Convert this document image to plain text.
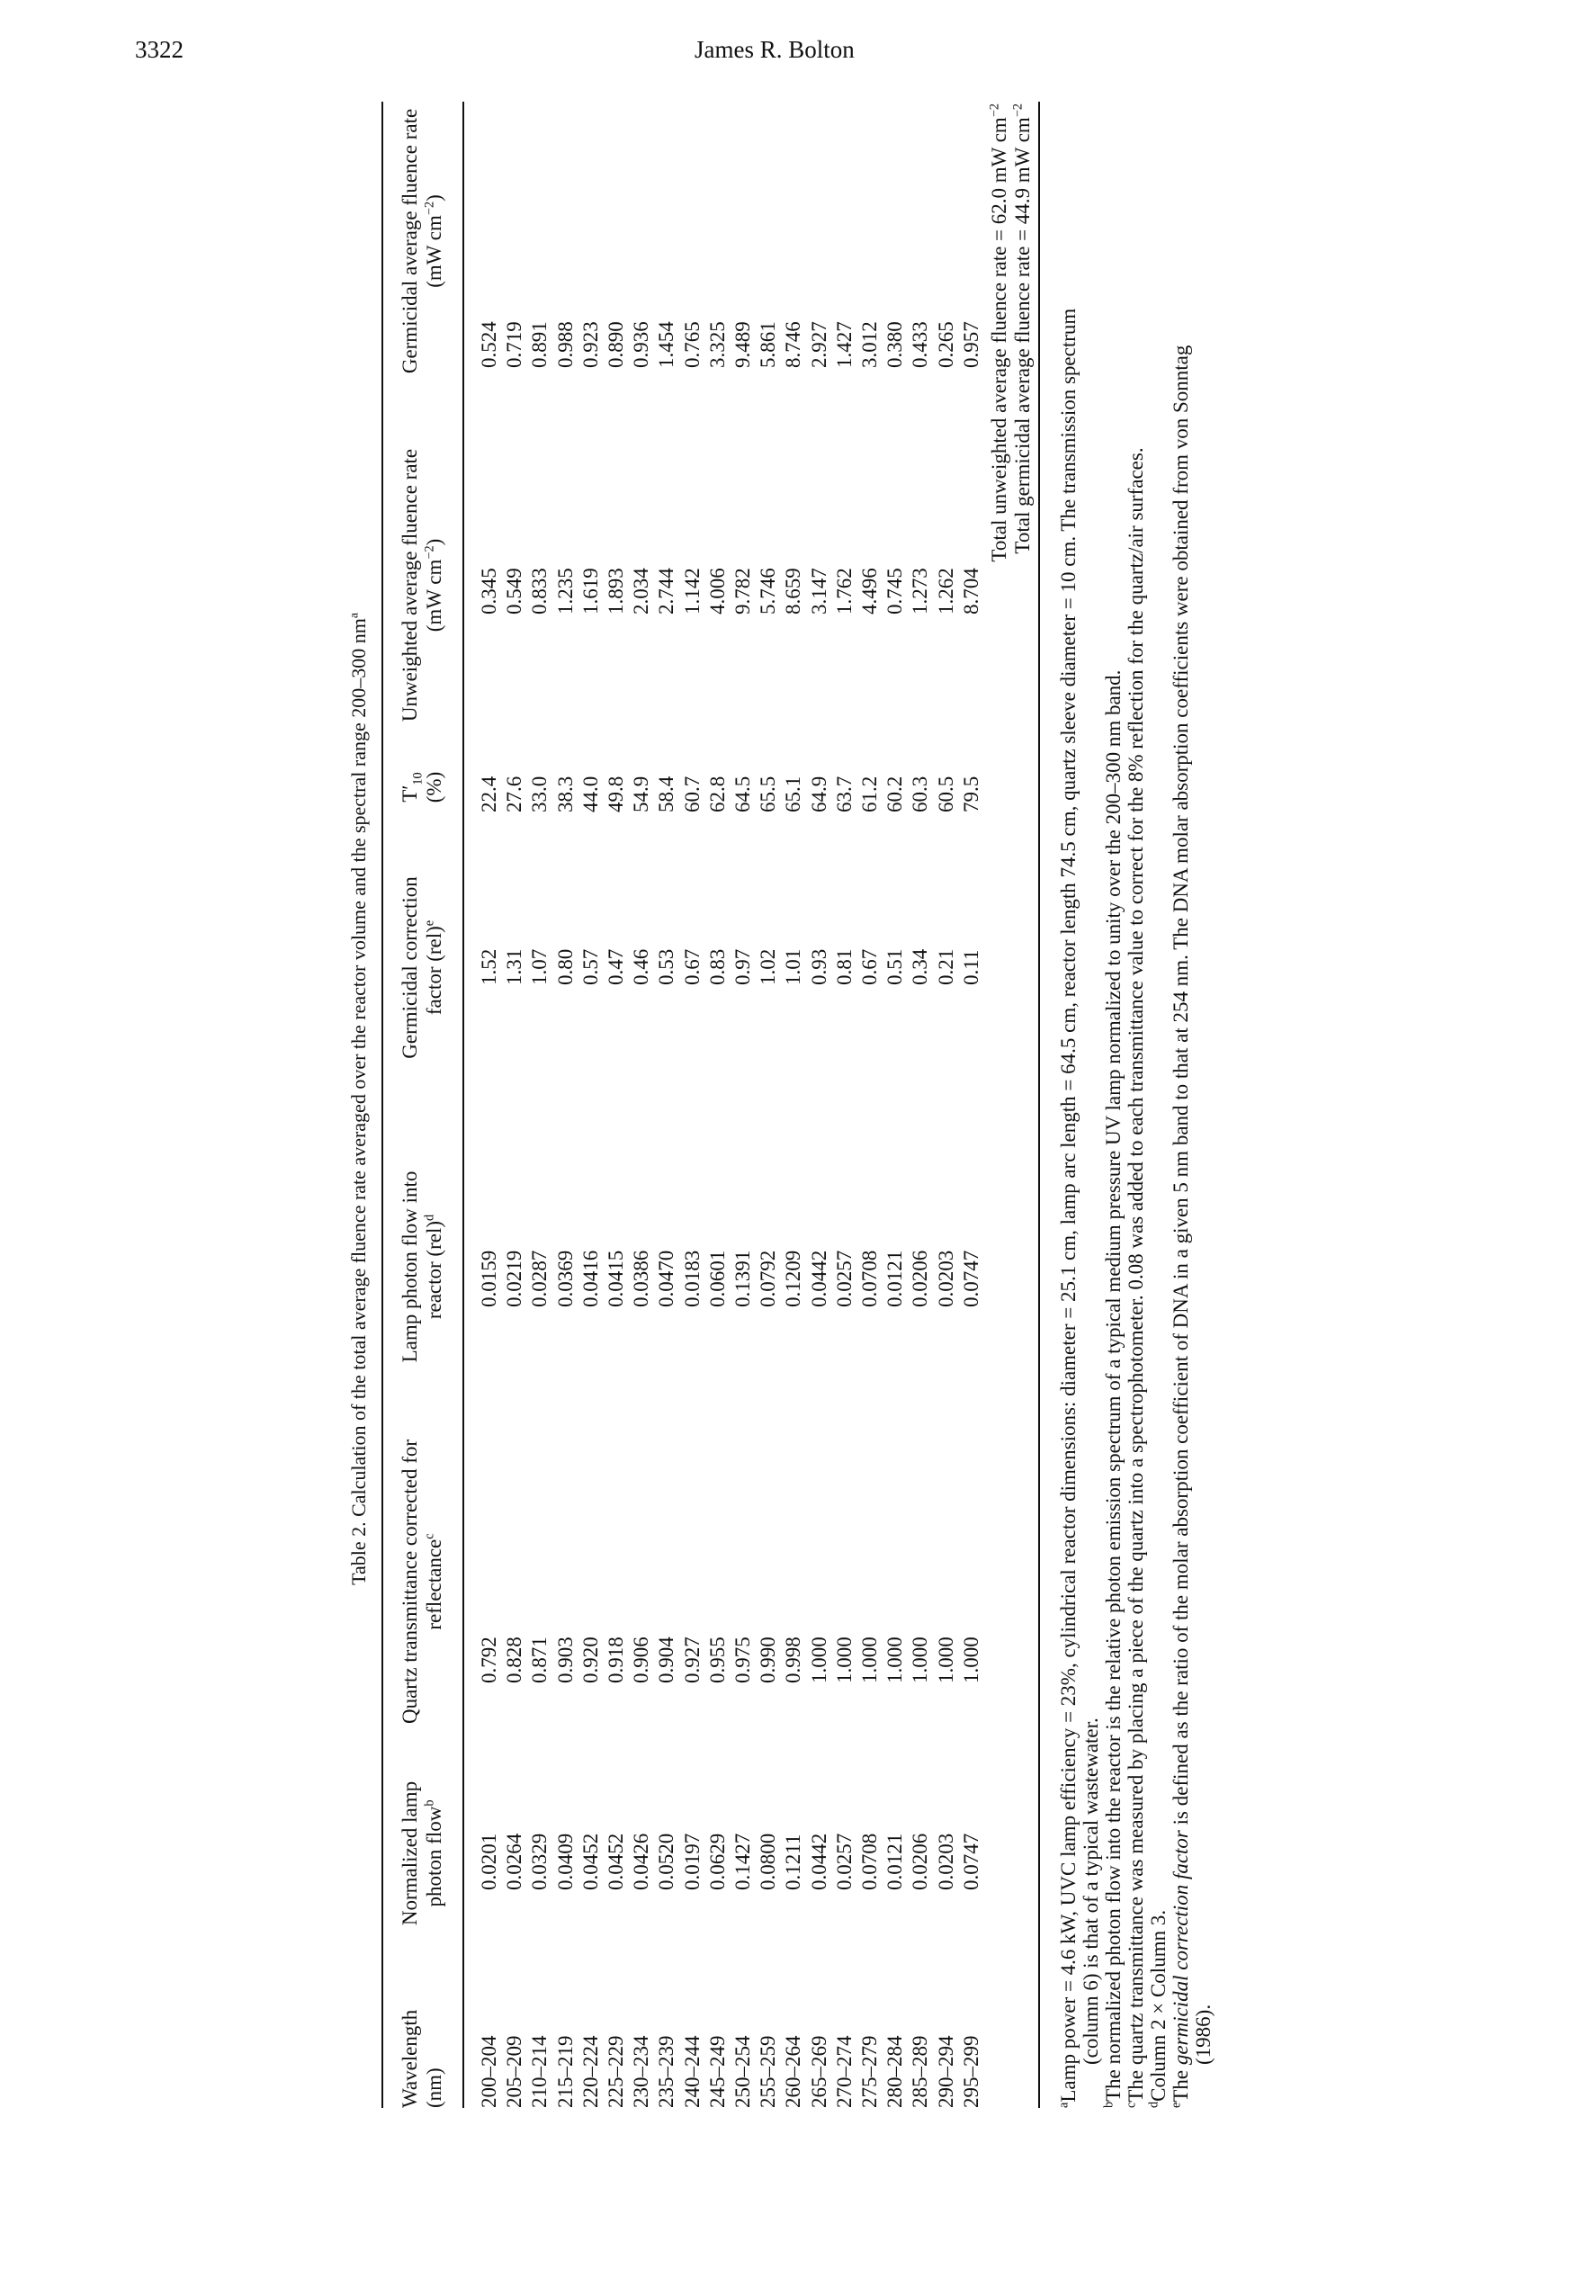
3322	James R. Bolton
Table 2. Calculation of the total average fluence rate averaged over the reactor volume and the spectral range 200–300 $nm^a$
Wavelength (nm) 200–204 205–209 210–214 215–219 220–224 225–229 230–234 235–239 240–244 245–249 250–254 255–259 260–264 265–269 270–274 275–279 280–284 285–289 290–294 295–299
Normalized lamp photon flow$^b$
0.0201 0.0264 0.0329 0.0409 0.0452 0.0452 0.0426 0.0520 0.0197 0.0629 0.1427 0.0800 0.1211 0.0442 0.0257 0.0708 0.0121 0.0206 0.0203 0.0747
Quartz transmittance corrected for reflectance$^c$
0.792 0.828 0.871 0.903 0.920 0.918 0.906 0.904 0.927 0.955 0.975 0.990 0.998 1.000 1.000 1.000 1.000 1.000 1.000 1.000
Lamp photon flow into reactor (rel)$^d$
0.0159 0.0219 0.0287 0.0369 0.0416 0.0415 0.0386 0.0470 0.0183 0.0601 0.1391 0.0792 0.1209 0.0442 0.0257 0.0708 0.0121 0.0206 0.0203 0.0747
Germicidal correction factor (rel)$^e$
1.52 1.31 1.07 0.80 0.57 0.47 0.46 0.53 0.67 0.83 0.97 1.02 1.01 0.93 0.81 0.67 0.51 0.34 0.21 0.11
$T'_{10}$
(%) 22.4 27.6 33.0 38.3 44.0 49.8 54.9 58.4 60.7 62.8 64.5 65.5 65.1 64.9 63.7 61.2 60.2 60.3 60.5 79.5
Unweighted average fluence rate (mW $cm^{-2}$)
0.345 0.549 0.833 1.235 1.619 1.893 2.034 2.744 1.142 4.006 9.782 5.746 8.659 3.147 1.762 4.496 0.745 1.273 1.262 8.704
Germicidal average fluence rate (mW $cm^{-2}$)
0.524 0.719 0.891 0.988 0.923 0.890 0.936 1.454 0.765 3.325 9.489 5.861 8.746 2.927 1.427 3.012 0.380 0.433 0.265 0.957 Total unweighted average fluence rate = 62.0 mW $cm^{-2}$
Total germicidal average fluence rate = 44.9 mW $cm^{-2}$
$^a$Lamp power = 4.6 kW, UVC lamp efficiency = 23%, cylindrical reactor dimensions: diameter = 25.1 cm, lamp arc length = 64.5 cm, reactor length 74.5 cm, quartz sleeve diameter = 10 cm. The transmission spectrum (column 6) is that of a typical wastewater.
$^b$The normalized photon flow into the reactor is the relative photon emission spectrum of a typical medium pressure UV lamp normalized to unity over the 200–300 nm band.
$^c$The quartz transmittance was measured by placing a piece of the quartz into a spectrophotometer. 0.08 was added to each transmittance value to correct for the 8% reflection for the quartz/air surfaces.
$^d$Column 2 × Column 3.
$^e$The germicidal correction factor is defined as the ratio of the molar absorption coefficient of DNA in a given 5 nm band to that at 254 nm. The DNA molar absorption coefficients were obtained from von Sonntag
(1986).
